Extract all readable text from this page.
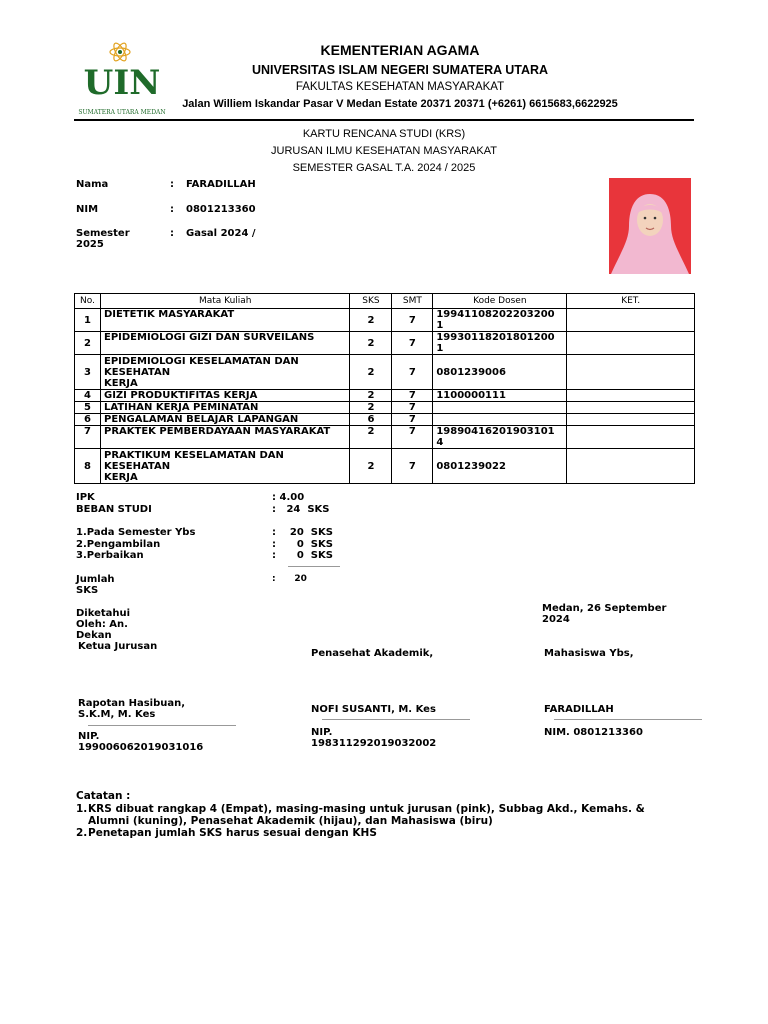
UIN
SUMATERA UTARA MEDAN
KEMENTERIAN AGAMA
UNIVERSITAS ISLAM NEGERI SUMATERA UTARA
FAKULTAS KESEHATAN MASYARAKAT
Jalan Williem Iskandar Pasar V Medan Estate 20371 20371 (+6261) 6615683,6622925
KARTU RENCANA STUDI (KRS)
JURUSAN ILMU KESEHATAN MASYARAKAT
SEMESTER GASAL T.A. 2024 / 2025
Nama	: FARADILLAH
NIM	: 0801213360
Semester
2025
: Gasal 2024 /
No.	Mata Kuliah	SKS	SMT	Kode Dosen	KET.
1	DIETETIK MASYARAKAT	2	7	19941108202203200
1	

2	EPIDEMIOLOGI GIZI DAN SURVEILANS	2	7	19930118201801200
1	

3	EPIDEMIOLOGI KESELAMATAN DAN
KESEHATAN
KERJA	2	7	0801239006	
4	GIZI PRODUKTIFITAS KERJA	2	7	1100000111	
5	LATIHAN KERJA PEMINATAN	2	7		
6	PENGALAMAN BELAJAR LAPANGAN	6	7		
7	PRAKTEK PEMBERDAYAAN MASYARAKAT	2	7	19890416201903101
4	

8	PRAKTIKUM KESELAMATAN DAN
KESEHATAN
KERJA	2	7	0801239022	
IPK	: 4.00
BEBAN STUDI	:   24  SKS
1.Pada Semester Ybs	:    20  SKS
2.Pengambilan	:      0  SKS
3.Perbaikan	:      0  SKS
Jumlah
SKS
:      20
Diketahui
Oleh: An.
Dekan
Ketua Jurusan
Penasehat Akademik,
Medan, 26 September
2024
Mahasiswa Ybs,
Rapotan Hasibuan,
S.K.M, M. Kes
NIP.
199006062019031016
NOFI SUSANTI, M. Kes
NIP.
198311292019032002
FARADILLAH
NIM. 0801213360
Catatan :
1. KRS dibuat rangkap 4 (Empat), masing-masing untuk jurusan (pink), Subbag Akd., Kemahs. &
Alumni (kuning), Penasehat Akademik (hijau), dan Mahasiswa (biru)
2. Penetapan jumlah SKS harus sesuai dengan KHS
